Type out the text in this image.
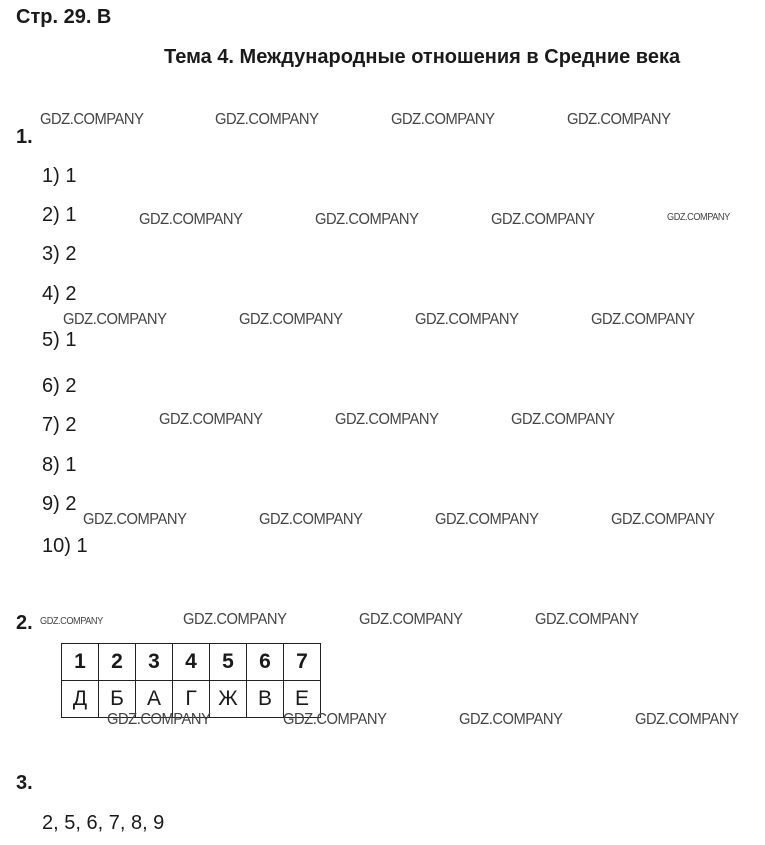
Стр. 29. В
Тема 4. Международные отношения в Средние века
1.
1) 1
2) 1
3) 2
4) 2
5) 1
6) 2
7) 2
8) 1
9) 2
10) 1
2.
1	2	3	4	5	6	7
Д	Б	А	Г	Ж	В	Е
3.
2, 5, 6, 7, 8, 9
GDZ.COMPANY	GDZ.COMPANY	GDZ.COMPANY	GDZ.COMPANY
GDZ.COMPANY	GDZ.COMPANY	GDZ.COMPANY	GDZ.COMPANY
GDZ.COMPANY	GDZ.COMPANY	GDZ.COMPANY	GDZ.COMPANY
GDZ.COMPANY	GDZ.COMPANY	GDZ.COMPANY
GDZ.COMPANY	GDZ.COMPANY	GDZ.COMPANY	GDZ.COMPANY
GDZ.COMPANY	GDZ.COMPANY	GDZ.COMPANY	GDZ.COMPANY
GDZ.COMPANY	GDZ.COMPANY	GDZ.COMPANY	GDZ.COMPANY
